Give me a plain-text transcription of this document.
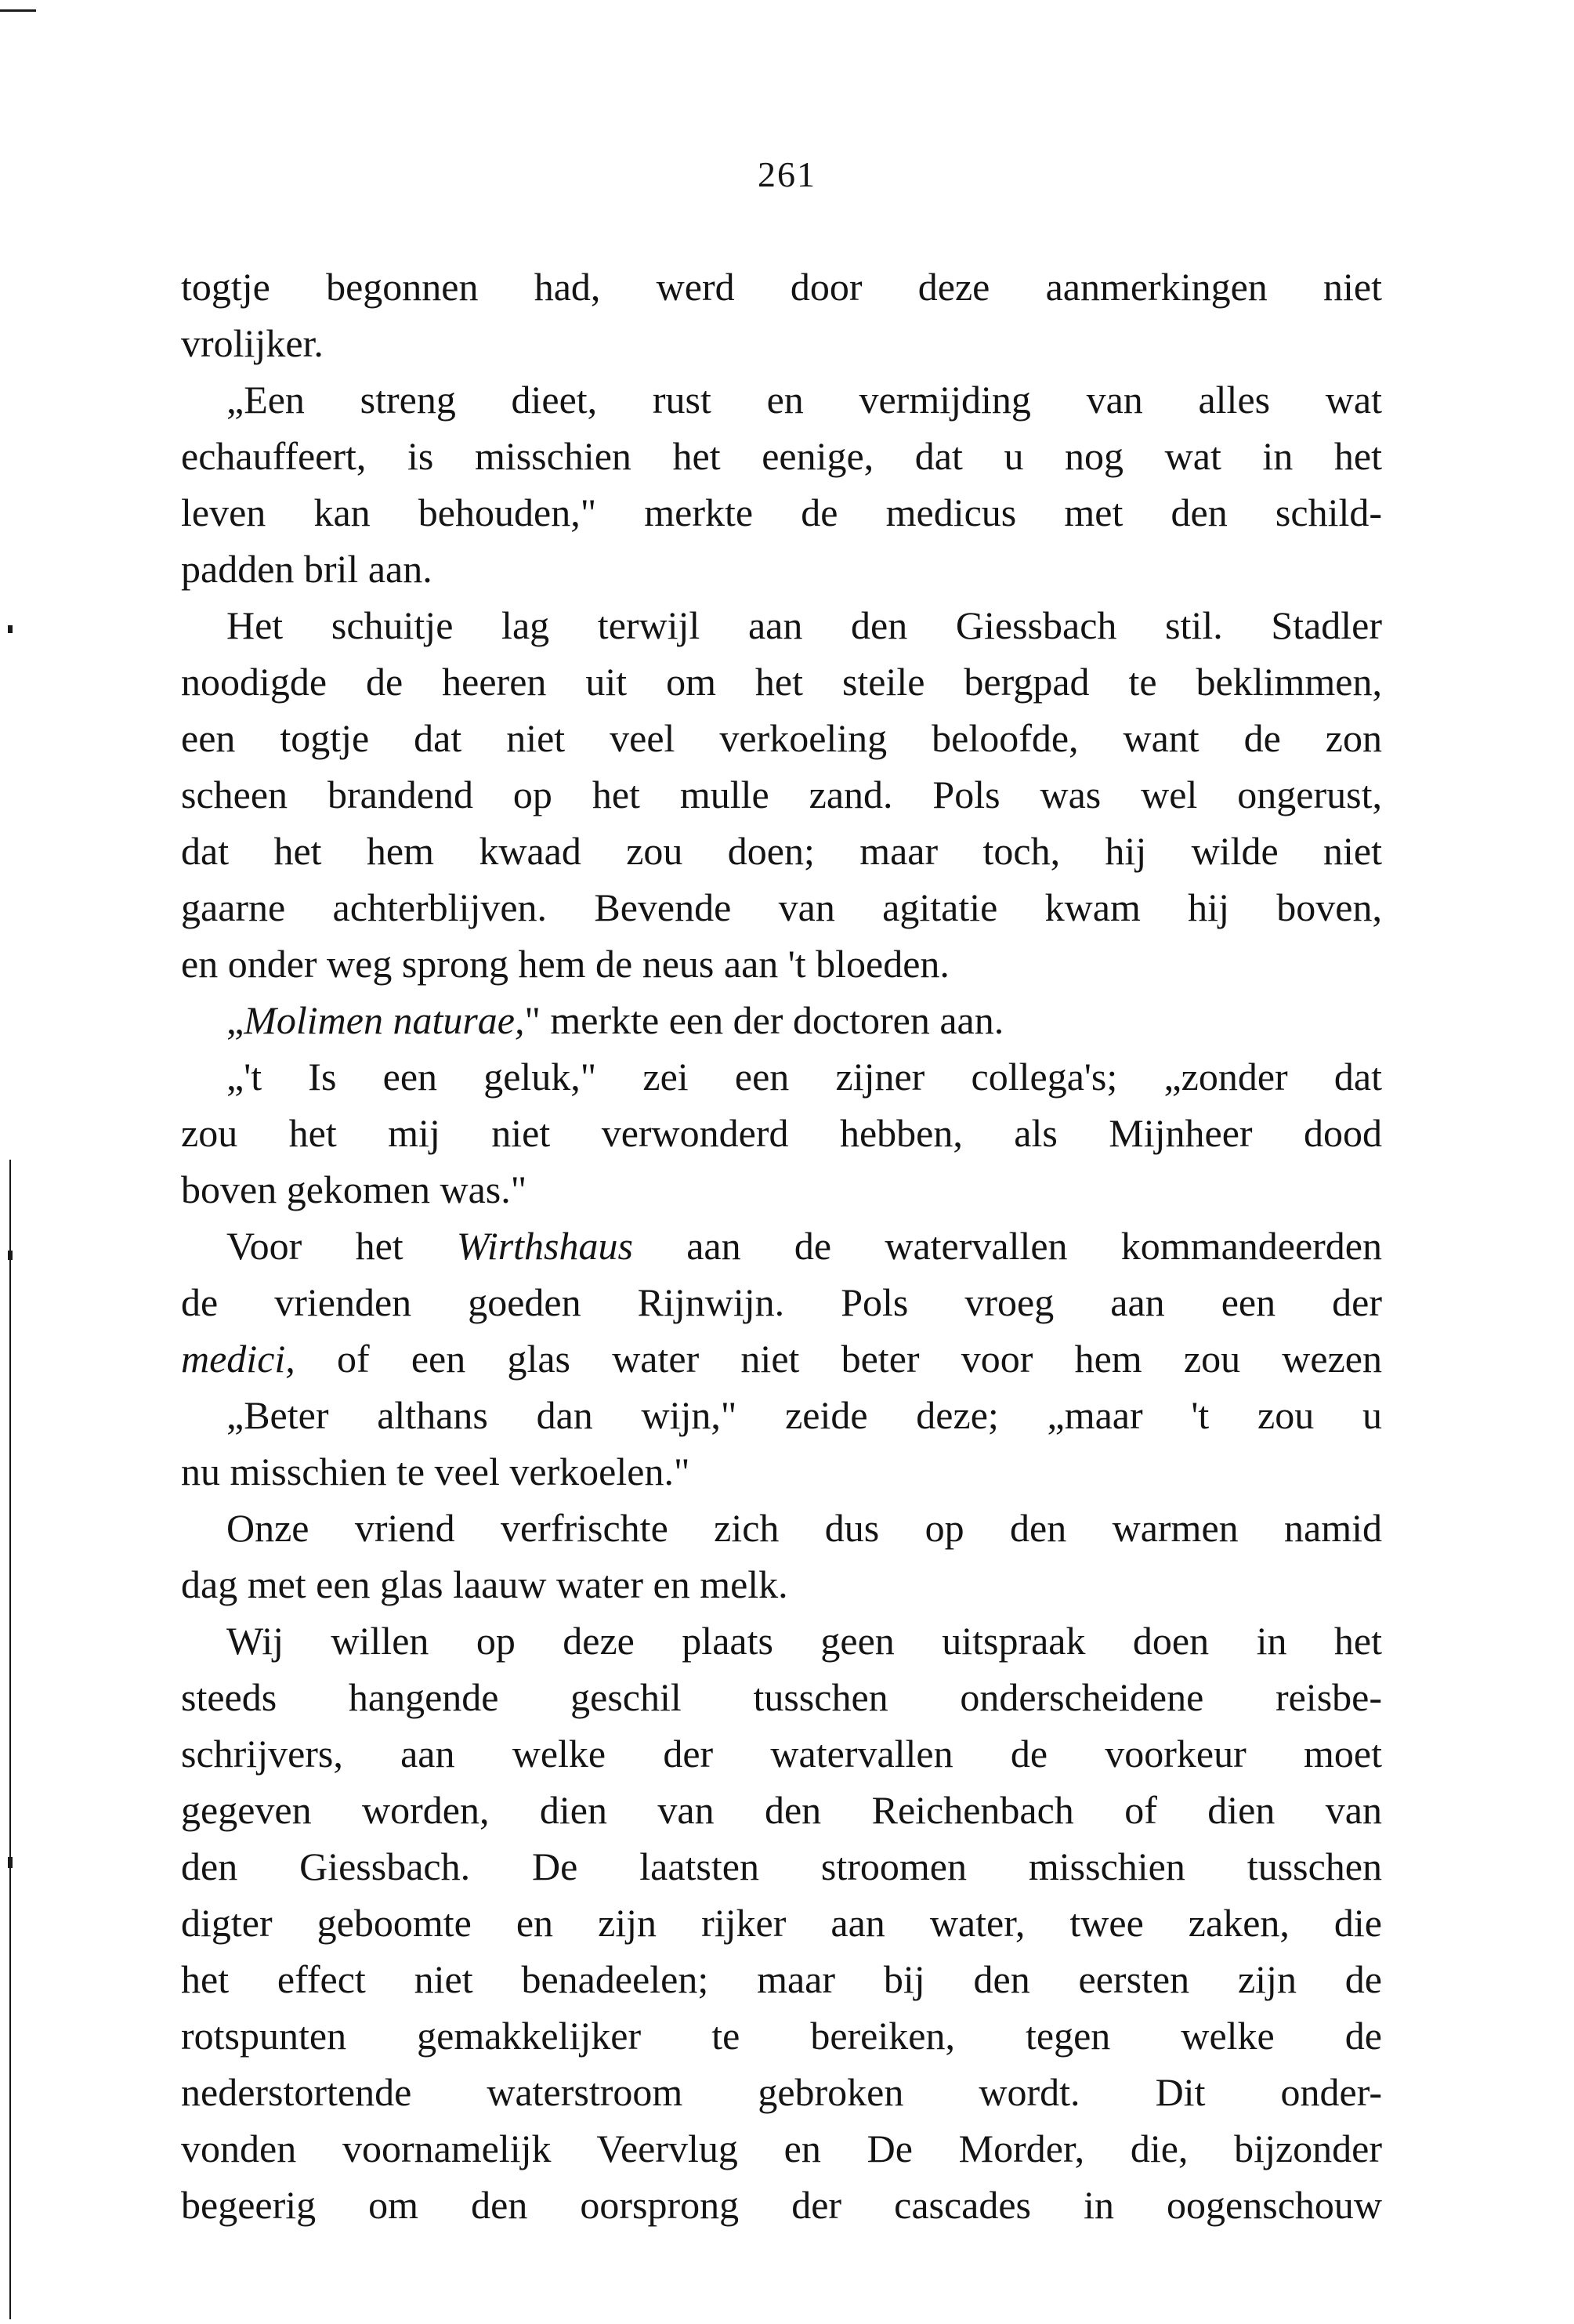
261
togtje begonnen had, werd door deze aanmerkingen niet
vrolijker.
„Een streng dieet, rust en vermijding van alles wat
echauffeert, is misschien het eenige, dat u nog wat in het
leven kan behouden," merkte de medicus met den schild-
padden bril aan.
Het schuitje lag terwijl aan den Giessbach stil. Stadler
noodigde de heeren uit om het steile bergpad te beklimmen,
een togtje dat niet veel verkoeling beloofde, want de zon
scheen brandend op het mulle zand. Pols was wel ongerust,
dat het hem kwaad zou doen; maar toch, hij wilde niet
gaarne achterblijven. Bevende van agitatie kwam hij boven,
en onder weg sprong hem de neus aan 't bloeden.
„Molimen naturae," merkte een der doctoren aan.
„'t Is een geluk," zei een zijner collega's; „zonder dat
zou het mij niet verwonderd hebben, als Mijnheer dood
boven gekomen was."
Voor het Wirthshaus aan de watervallen kommandeerden
de vrienden goeden Rijnwijn. Pols vroeg aan een der
medici, of een glas water niet beter voor hem zou wezen
„Beter althans dan wijn," zeide deze; „maar 't zou u
nu misschien te veel verkoelen."
Onze vriend verfrischte zich dus op den warmen namid
dag met een glas laauw water en melk.
Wij willen op deze plaats geen uitspraak doen in het
steeds hangende geschil tusschen onderscheidene reisbe-
schrijvers, aan welke der watervallen de voorkeur moet
gegeven worden, dien van den Reichenbach of dien van
den Giessbach. De laatsten stroomen misschien tusschen
digter geboomte en zijn rijker aan water, twee zaken, die
het effect niet benadeelen; maar bij den eersten zijn de
rotspunten gemakkelijker te bereiken, tegen welke de
nederstortende waterstroom gebroken wordt. Dit onder-
vonden voornamelijk Veervlug en De Morder, die, bijzonder
begeerig om den oorsprong der cascades in oogenschouw
